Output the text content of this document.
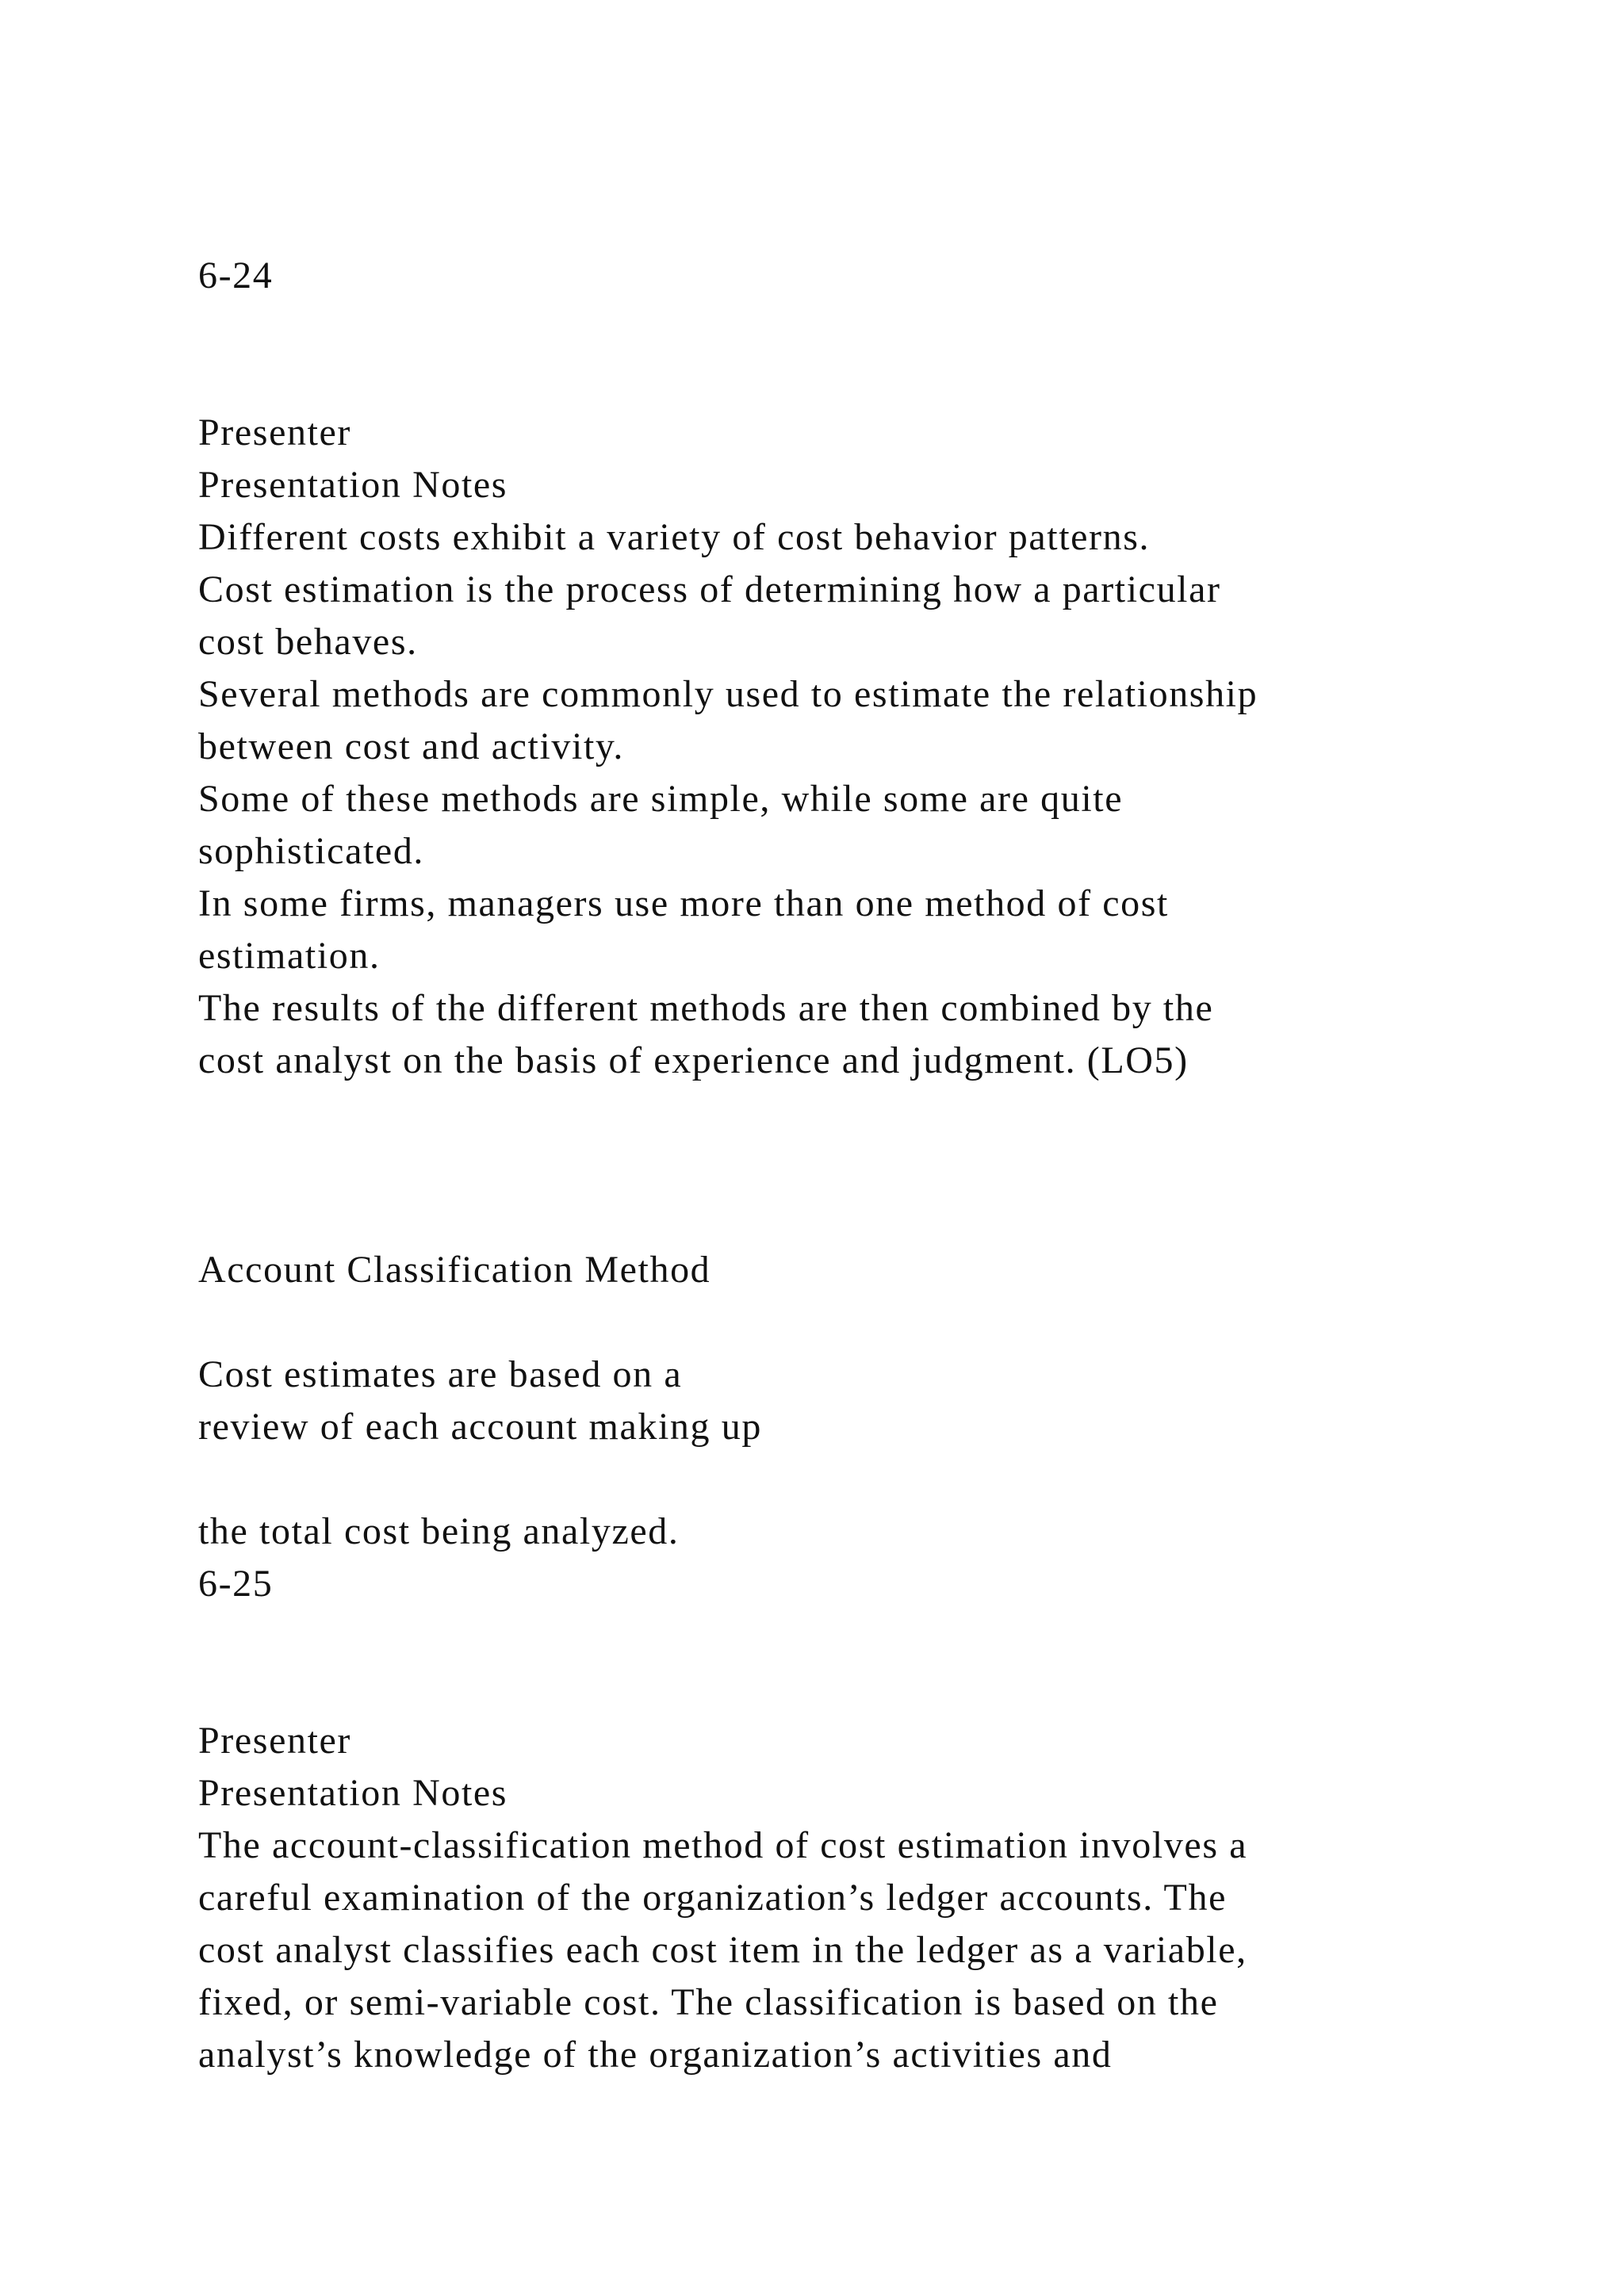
6-24
Presenter
Presentation Notes
Different costs exhibit a variety of cost behavior patterns.
Cost estimation is the process of determining how a particular
cost behaves.
Several methods are commonly used to estimate the relationship
between cost and activity.
Some of these methods are simple, while some are quite
sophisticated.
In some firms, managers use more than one method of cost
estimation.
The results of the different methods are then combined by the
cost analyst on the basis of experience and judgment. (LO5)
Account Classification Method
Cost estimates are based on a
review of each account making up
the total cost being analyzed.
6-25
Presenter
Presentation Notes
The account-classification method of cost estimation involves a
careful examination of the organization’s ledger accounts. The
cost analyst classifies each cost item in the ledger as a variable,
fixed, or semi-variable cost. The classification is based on the
analyst’s knowledge of the organization’s activities and
